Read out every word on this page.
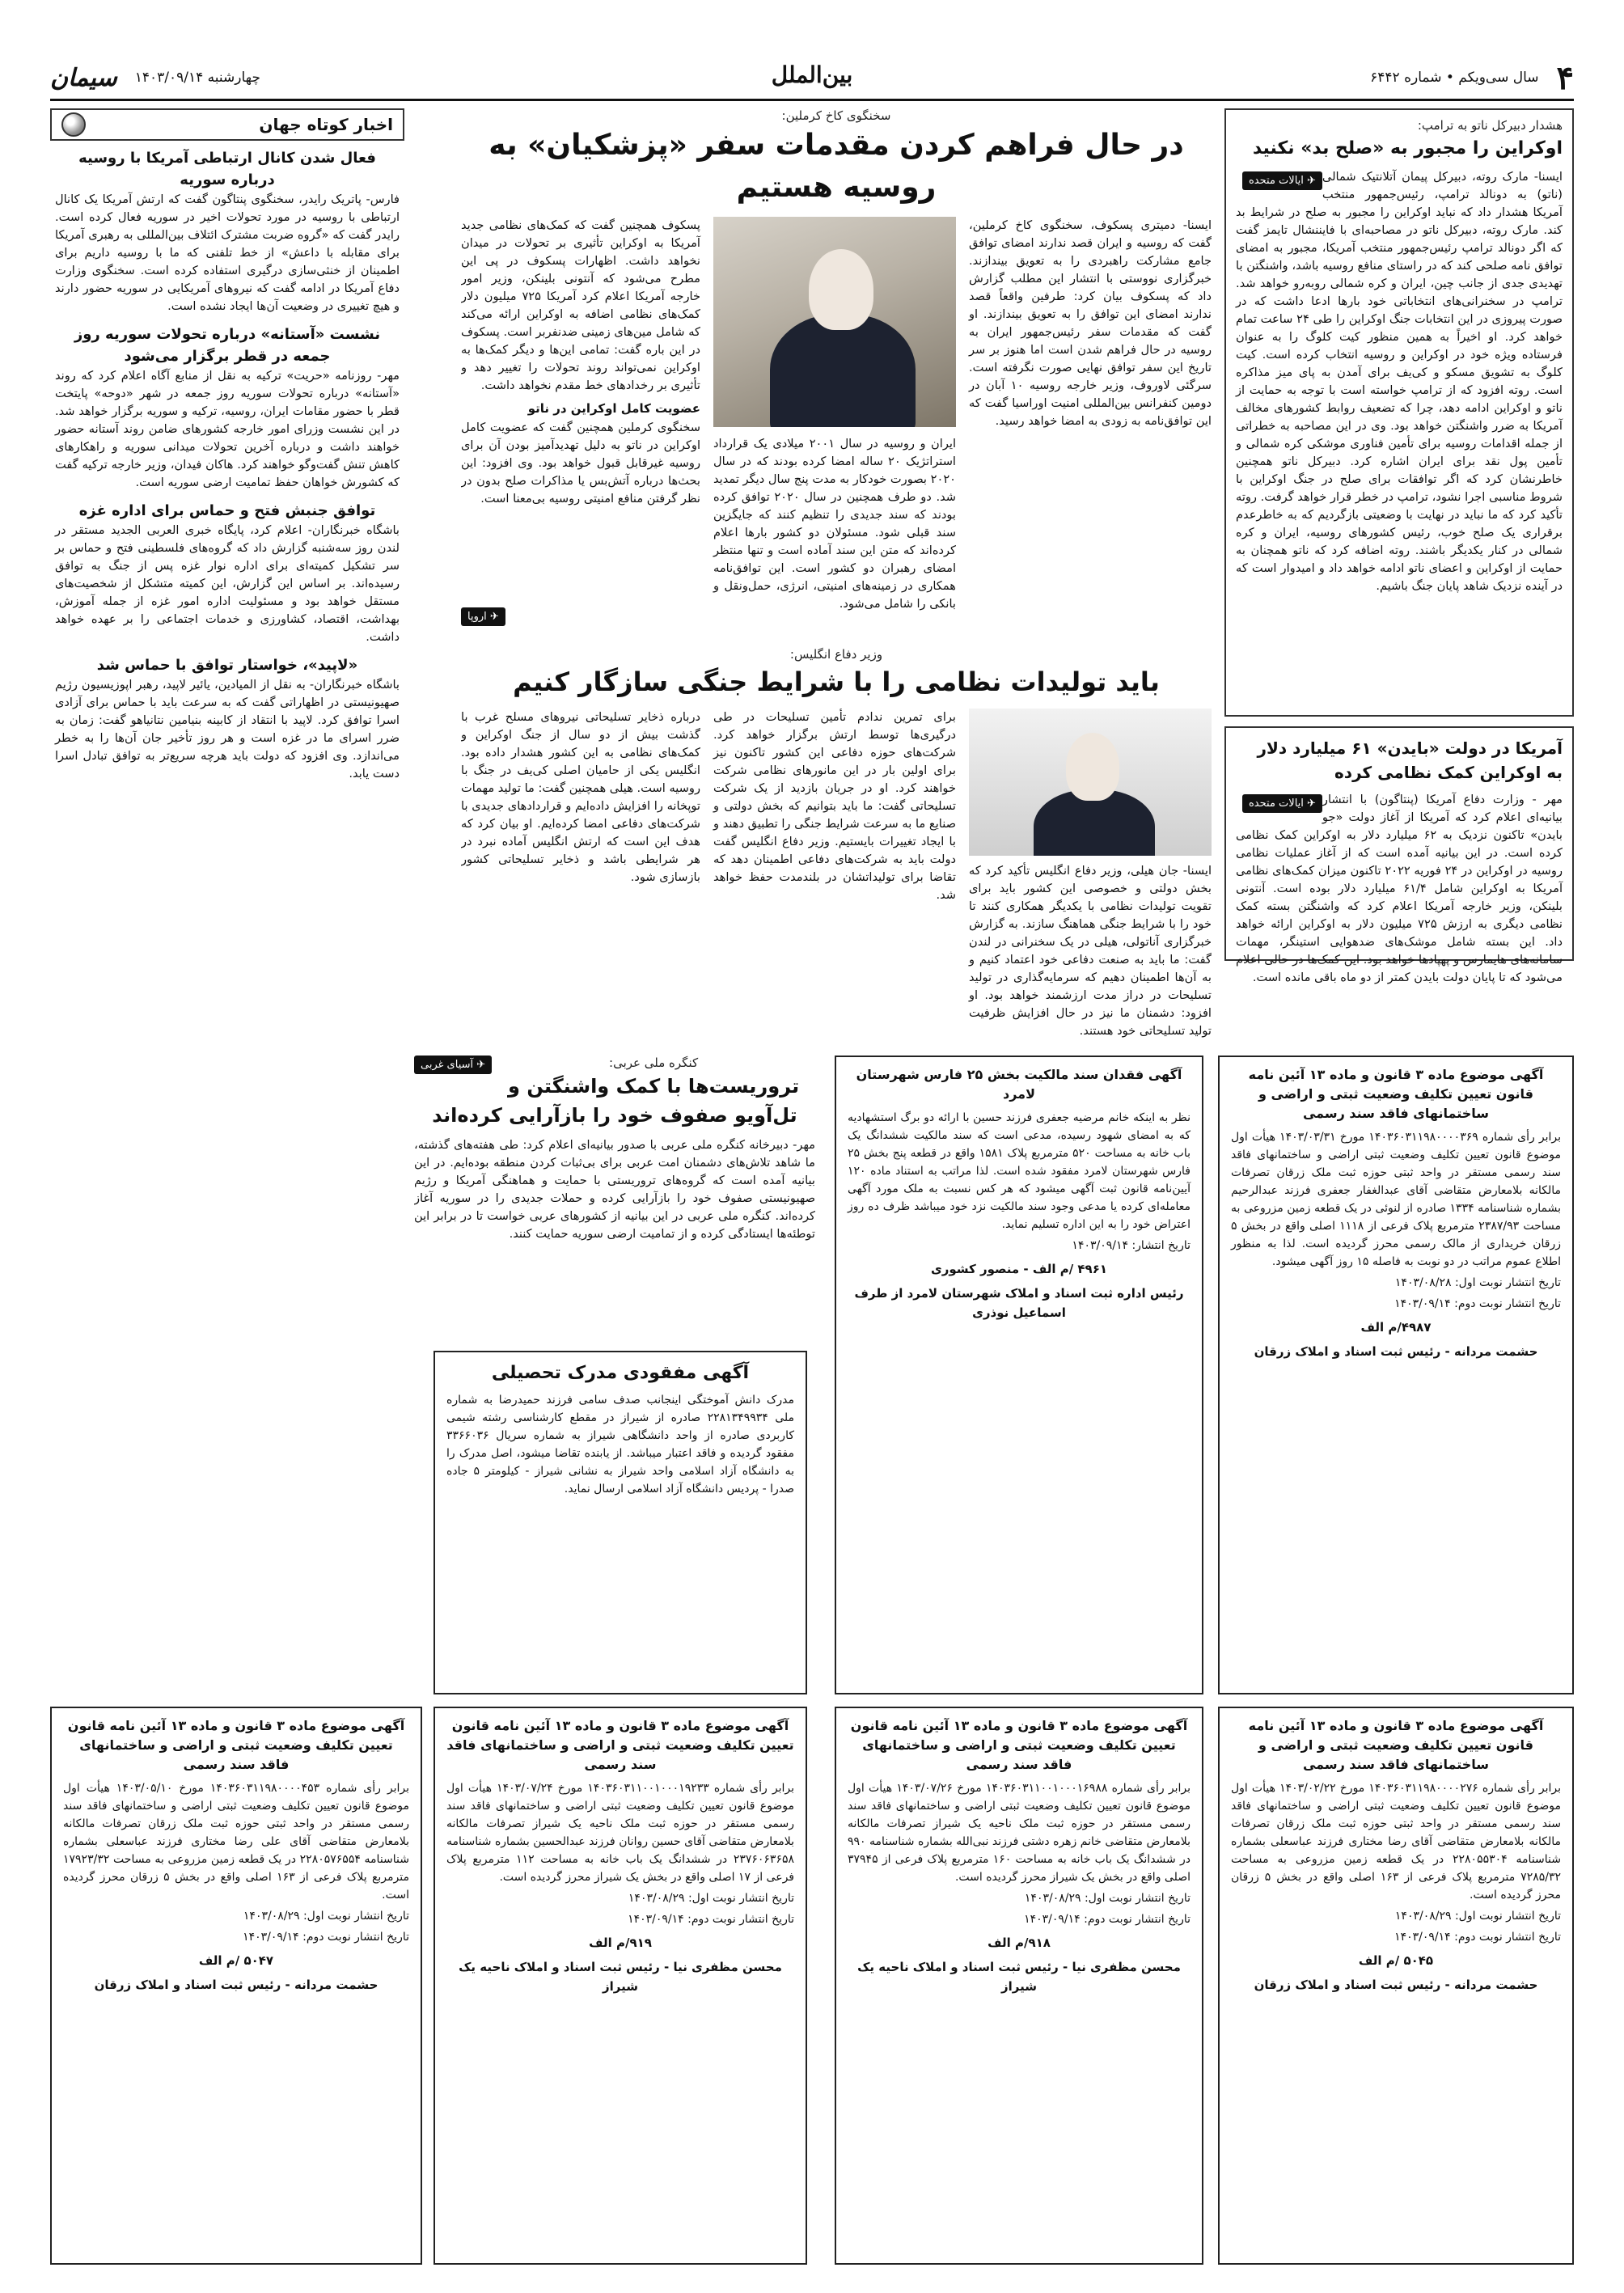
۴
سال سی‌ویکم • شماره ۶۴۴۲
بین‌الملل
چهارشنبه ۱۴۰۳/۰۹/۱۴
سیمان
هشدار دبیرکل ناتو به ترامپ:
اوکراین را مجبور به «صلح بد» نکنید
✈ ایالات متحده	ایسنا- مارک روته، دبیرکل پیمان آتلانتیک شمالی (ناتو) به دونالد ترامپ، رئیس‌جمهور منتخب آمریکا هشدار داد که نباید اوکراین را مجبور به صلح در شرایط بد کند. مارک روته، دبیرکل ناتو در مصاحبه‌ای با فایننشال تایمز گفت که اگر دونالد ترامپ رئیس‌جمهور منتخب آمریکا، مجبور به امضای توافق نامه صلحی کند که در راستای منافع روسیه باشد، واشنگتن با تهدیدی جدی از جانب چین، ایران و کره شمالی روبه‌رو خواهد شد. ترامپ در سخنرانی‌های انتخاباتی خود بارها ادعا داشت که در صورت پیروزی در این انتخابات جنگ اوکراین را طی ۲۴ ساعت تمام خواهد کرد. او اخیراً به همین منظور کیت کلوگ را به عنوان فرستاده ویژه خود در اوکراین و روسیه انتخاب کرده است. کیت کلوگ به تشویق مسکو و کی‌یف برای آمدن به پای میز مذاکره است. روته افزود که از ترامپ خواسته است با توجه به حمایت از ناتو و اوکراین ادامه دهد، چرا که تضعیف روابط کشورهای مخالف آمریکا به ضرر واشنگتن خواهد بود. وی در این مصاحبه به خطراتی از جمله اقدامات روسیه برای تأمین فناوری موشکی کره شمالی و تأمین پول نقد برای ایران اشاره کرد. دبیرکل ناتو همچنین خاطرنشان کرد که اگر توافقات برای صلح در جنگ اوکراین با شروط مناسبی اجرا نشود، ترامپ در خطر قرار خواهد گرفت. روته تأکید کرد که ما نباید در نهایت با وضعیتی بازگردیم که به خاطرعدم برقراری یک صلح خوب، رئیس کشورهای روسیه، ایران و کره شمالی در کنار یکدیگر باشند. روته اضافه کرد که ناتو همچنان به حمایت از اوکراین و اعضای ناتو ادامه خواهد داد و امیدوار است که در آینده نزدیک شاهد پایان جنگ باشیم.

آمریکا در دولت «بایدن» ۶۱ میلیارد دلار به اوکراین کمک نظامی کرده
✈ ایالات متحده	مهر - وزارت دفاع آمریکا (پنتاگون) با انتشار بیانیه‌ای اعلام کرد که آمریکا از آغاز دولت «جو بایدن» تاکنون نزدیک به ۶۲ میلیارد دلار به اوکراین کمک نظامی کرده است. در این بیانیه آمده است که از آغاز عملیات نظامی روسیه در اوکراین در ۲۴ فوریه ۲۰۲۲ تاکنون میزان کمک‌های نظامی آمریکا به اوکراین شامل ۶۱/۴ میلیارد دلار بوده است. آنتونی بلینکن، وزیر خارجه آمریکا اعلام کرد که واشنگتن بسته کمک نظامی دیگری به ارزش ۷۲۵ میلیون دلار به اوکراین ارائه خواهد داد. این بسته شامل موشک‌های ضدهوایی استینگر، مهمات سامانه‌های هایمارس و پهپادها خواهد بود. این کمک‌ها در حالی اعلام می‌شود که تا پایان دولت بایدن کمتر از دو ماه باقی مانده است.

سخنگوی کاخ کرملین:
در حال فراهم کردن مقدمات سفر «پزشکیان» به روسیه هستیم

ایسنا- دمیتری پسکوف، سخنگوی کاخ کرملین، گفت که روسیه و ایران قصد ندارند امضای توافق جامع مشارکت راهبردی را به تعویق بیندازند. خبرگزاری نووستی با انتشار این مطلب گزارش داد که پسکوف بیان کرد: طرفین واقعاً قصد ندارند امضای این توافق را به تعویق بیندازند. او گفت که مقدمات سفر رئیس‌جمهور ایران به روسیه در حال فراهم شدن است اما هنوز بر سر تاریخ این سفر توافق نهایی صورت نگرفته است. سرگئی لاوروف، وزیر خارجه روسیه ۱۰ آبان در دومین کنفرانس بین‌المللی امنیت اوراسیا گفت که این توافق‌نامه به زودی به امضا خواهد رسید.

ایران و روسیه در سال ۲۰۰۱ میلادی یک قرارداد استراتژیک ۲۰ ساله امضا کرده بودند که در سال ۲۰۲۰ بصورت خودکار به مدت پنج سال دیگر تمدید شد. دو طرف همچنین در سال ۲۰۲۰ توافق کرده بودند که سند جدیدی را تنظیم کنند که جایگزین سند قبلی شود. مسئولان دو کشور بارها اعلام کرده‌اند که متن این سند آماده است و تنها منتظر امضای رهبران دو کشور است. این توافق‌نامه همکاری در زمینه‌های امنیتی، انرژی، حمل‌ونقل و بانکی را شامل می‌شود.

پسکوف همچنین گفت که کمک‌های نظامی جدید آمریکا به اوکراین تأثیری بر تحولات در میدان نخواهد داشت. اظهارات پسکوف در پی این مطرح می‌شود که آنتونی بلینکن، وزیر امور خارجه آمریکا اعلام کرد آمریکا ۷۲۵ میلیون دلار کمک‌های نظامی اضافه به اوکراین ارائه می‌کند که شامل مین‌های زمینی ضدنفربر است. پسکوف در این باره گفت: تمامی این‌ها و دیگر کمک‌ها به اوکراین نمی‌تواند روند تحولات را تغییر دهد و تأثیری بر رخدادهای خط مقدم نخواهد داشت.

عضویت کامل اوکراین در ناتو

سخنگوی کرملین همچنین گفت که عضویت کامل اوکراین در ناتو به دلیل تهدیدآمیز بودن آن برای روسیه غیرقابل قبول خواهد بود. وی افزود: این بحث‌ها درباره آتش‌بس یا مذاکرات صلح بدون در نظر گرفتن منافع امنیتی روسیه بی‌معنا است.

✈ اروپا
وزیر دفاع انگلیس:
باید تولیدات نظامی را با شرایط جنگی سازگار کنیم

ایسنا- جان هیلی، وزیر دفاع انگلیس تأکید کرد که بخش دولتی و خصوصی این کشور باید برای تقویت تولیدات نظامی با یکدیگر همکاری کنند تا خود را با شرایط جنگی هماهنگ سازند. به گزارش خبرگزاری آناتولی، هیلی در یک سخنرانی در لندن گفت: ما باید به صنعت دفاعی خود اعتماد کنیم و به آن‌ها اطمینان دهیم که سرمایه‌گذاری در تولید تسلیحات در دراز مدت ارزشمند خواهد بود. او افزود: دشمنان ما نیز در حال افزایش ظرفیت تولید تسلیحاتی خود هستند.

برای تمرین ندادم تأمین تسلیحات در طی درگیری‌ها توسط ارتش برگزار خواهد کرد. شرکت‌های حوزه دفاعی این کشور تاکنون نیز برای اولین بار در این مانورهای نظامی شرکت خواهند کرد. او در جریان بازدید از یک شرکت تسلیحاتی گفت: ما باید بتوانیم که بخش دولتی و صنایع ما به سرعت شرایط جنگی را تطبیق دهند و با ایجاد تغییرات بایستیم. وزیر دفاع انگلیس گفت دولت باید به شرکت‌های دفاعی اطمینان دهد که تقاضا برای تولیداتشان در بلندمدت حفظ خواهد شد.

درباره ذخایر تسلیحاتی نیروهای مسلح غرب با گذشت بیش از دو سال از جنگ اوکراین و کمک‌های نظامی به این کشور هشدار داده بود. انگلیس یکی از حامیان اصلی کی‌یف در جنگ با روسیه است. هیلی همچنین گفت: ما تولید مهمات توپخانه را افزایش داده‌ایم و قراردادهای جدیدی با شرکت‌های دفاعی امضا کرده‌ایم. او بیان کرد که هدف این است که ارتش انگلیس آماده نبرد در هر شرایطی باشد و ذخایر تسلیحاتی کشور بازسازی شود.

اخبار کوتاه جهان
فعال شدن کانال ارتباطی آمریکا با روسیه درباره سوریه

فارس- پاتریک رایدر، سخنگوی پنتاگون گفت که ارتش آمریکا یک کانال ارتباطی با روسیه در مورد تحولات اخیر در سوریه فعال کرده است. رایدر گفت که «گروه ضربت مشترک ائتلاف بین‌المللی به رهبری آمریکا برای مقابله با داعش» از خط تلفنی که ما با روسیه داریم برای اطمینان از خنثی‌سازی درگیری استفاده کرده است. سخنگوی وزارت دفاع آمریکا در ادامه گفت که نیروهای آمریکایی در سوریه حضور دارند و هیچ تغییری در وضعیت آن‌ها ایجاد نشده است.

نشست «آستانه» درباره تحولات سوریه روز جمعه در قطر برگزار می‌شود

مهر- روزنامه «حریت» ترکیه به نقل از منابع آگاه اعلام کرد که روند «آستانه» درباره تحولات سوریه روز جمعه در شهر «دوحه» پایتخت قطر با حضور مقامات ایران، روسیه، ترکیه و سوریه برگزار خواهد شد. در این نشست وزرای امور خارجه کشورهای ضامن روند آستانه حضور خواهند داشت و درباره آخرین تحولات میدانی سوریه و راهکارهای کاهش تنش گفت‌وگو خواهند کرد. هاکان فیدان، وزیر خارجه ترکیه گفت که کشورش خواهان حفظ تمامیت ارضی سوریه است.

توافق جنبش فتح و حماس برای اداره غزه

باشگاه خبرنگاران- اعلام کرد، پایگاه خبری العربی الجدید مستقر در لندن روز سه‌شنبه گزارش داد که گروه‌های فلسطینی فتح و حماس بر سر تشکیل کمیته‌ای برای اداره نوار غزه پس از جنگ به توافق رسیده‌اند. بر اساس این گزارش، این کمیته متشکل از شخصیت‌های مستقل خواهد بود و مسئولیت اداره امور غزه از جمله آموزش، بهداشت، اقتصاد، کشاورزی و خدمات اجتماعی را بر عهده خواهد داشت.

«لاپید»، خواستار توافق با حماس شد

باشگاه خبرنگاران- به نقل از المیادین، یائیر لاپید، رهبر اپوزیسیون رژیم صهیونیستی در اظهاراتی گفت که به سرعت باید با حماس برای آزادی اسرا توافق کرد. لاپید با انتقاد از کابینه بنیامین نتانیاهو گفت: زمان به ضرر اسرای ما در غزه است و هر روز تأخیر جان آن‌ها را به خطر می‌اندازد. وی افزود که دولت باید هرچه سریع‌تر به توافق تبادل اسرا دست یابد.

✈ آسیای غربی	کنگره ملی عربی:
تروریست‌ها با کمک واشنگتن و تل‌آویو صفوف خود را بازآرایی کرده‌اند

مهر- دبیرخانه کنگره ملی عربی با صدور بیانیه‌ای اعلام کرد: طی هفته‌های گذشته، ما شاهد تلاش‌های دشمنان امت عربی برای بی‌ثبات کردن منطقه بوده‌ایم. در این بیانیه آمده است که گروه‌های تروریستی با حمایت و هماهنگی آمریکا و رژیم صهیونیستی صفوف خود را بازآرایی کرده و حملات جدیدی را در سوریه آغاز کرده‌اند. کنگره ملی عربی در این بیانیه از کشورهای عربی خواست تا در برابر این توطئه‌ها ایستادگی کرده و از تمامیت ارضی سوریه حمایت کنند.

آگهی موضوع ماده ۳ قانون و ماده ۱۳ آئین نامه قانون تعیین تکلیف وضعیت ثبتی و اراضی و ساختمانهای فاقد سند رسمی

برابر رأی شماره ۱۴۰۳۶۰۳۱۱۹۸۰۰۰۰۳۶۹ مورخ ۱۴۰۳/۰۳/۳۱ هیأت اول موضوع قانون تعیین تکلیف وضعیت ثبتی اراضی و ساختمانهای فاقد سند رسمی مستقر در واحد ثبتی حوزه ثبت ملک زرقان تصرفات مالکانه بلامعارض متقاضی آقای عبدالغفار جعفری فرزند عبدالرحیم بشماره شناسنامه ۱۳۳۴ صادره از لنوئی در یک قطعه زمین مزروعی به مساحت ۲۳۸۷/۹۳ مترمربع پلاک فرعی از ۱۱۱۸ اصلی واقع در بخش ۵ زرقان خریداری از مالک رسمی محرز گردیده است. لذا به منظور اطلاع عموم مراتب در دو نوبت به فاصله ۱۵ روز آگهی میشود.

تاریخ انتشار نوبت اول: ۱۴۰۳/۰۸/۲۸
تاریخ انتشار نوبت دوم: ۱۴۰۳/۰۹/۱۴
۴۹۸۷/م الف
حشمت مردانه - رئیس ثبت اسناد و املاک زرقان
آگهی فقدان سند مالکیت بخش ۲۵ فارس شهرستان لامرد

نظر به اینکه خانم مرضیه جعفری فرزند حسین با ارائه دو برگ استشهادیه که به امضای شهود رسیده، مدعی است که سند مالکیت ششدانگ یک باب خانه به مساحت ۵۲۰ مترمربع پلاک ۱۵۸۱ واقع در قطعه پنج بخش ۲۵ فارس شهرستان لامرد مفقود شده است. لذا مراتب به استناد ماده ۱۲۰ آیین‌نامه قانون ثبت آگهی میشود که هر کس نسبت به ملک مورد آگهی معامله‌ای کرده یا مدعی وجود سند مالکیت نزد خود میباشد ظرف ده روز اعتراض خود را به این اداره تسلیم نماید.

تاریخ انتشار: ۱۴۰۳/۰۹/۱۴
۴۹۶۱ /م الف - منصور کشوری
رئیس اداره ثبت اسناد و املاک شهرستان لامرد از طرف اسماعیل نوذری
آگهی مفقودی مدرک تحصیلی

مدرک دانش آموختگی اینجانب صدف سامی فرزند حمیدرضا به شماره ملی ۲۲۸۱۳۴۹۹۳۴ صادره از شیراز در مقطع کارشناسی رشته شیمی کاربردی صادره از واحد دانشگاهی شیراز به شماره سریال ۳۳۶۶۰۳۶ مفقود گردیده و فاقد اعتبار میباشد. از یابنده تقاضا میشود، اصل مدرک را به دانشگاه آزاد اسلامی واحد شیراز به نشانی شیراز - کیلومتر ۵ جاده صدرا - پردیس دانشگاه آزاد اسلامی ارسال نماید.

آگهی موضوع ماده ۳ قانون و ماده ۱۳ آئین نامه قانون تعیین تکلیف وضعیت ثبتی و اراضی و ساختمانهای فاقد سند رسمی

برابر رأی شماره ۱۴۰۳۶۰۳۱۱۹۸۰۰۰۰۲۷۶ مورخ ۱۴۰۳/۰۲/۲۲ هیأت اول موضوع قانون تعیین تکلیف وضعیت ثبتی اراضی و ساختمانهای فاقد سند رسمی مستقر در واحد ثبتی حوزه ثبت ملک زرقان تصرفات مالکانه بلامعارض متقاضی آقای رضا مختاری فرزند عباسعلی بشماره شناسنامه ۲۲۸۰۵۵۳۰۴ در یک قطعه زمین مزروعی به مساحت ۷۲۸۵/۳۲ مترمربع پلاک فرعی از ۱۶۳ اصلی واقع در بخش ۵ زرقان محرز گردیده است.

تاریخ انتشار نوبت اول: ۱۴۰۳/۰۸/۲۹
تاریخ انتشار نوبت دوم: ۱۴۰۳/۰۹/۱۴
۵۰۴۵ /م الف
حشمت مردانه - رئیس ثبت اسناد و املاک زرقان
آگهی موضوع ماده ۳ قانون و ماده ۱۳ آئین نامه قانون تعیین تکلیف وضعیت ثبتی و اراضی و ساختمانهای فاقد سند رسمی

برابر رأی شماره ۱۴۰۳۶۰۳۱۱۰۰۱۰۰۰۱۶۹۸۸ مورخ ۱۴۰۳/۰۷/۲۶ هیأت اول موضوع قانون تعیین تکلیف وضعیت ثبتی اراضی و ساختمانهای فاقد سند رسمی مستقر در حوزه ثبت ملک ناحیه یک شیراز تصرفات مالکانه بلامعارض متقاضی خانم زهره دشتی فرزند نبی‌الله بشماره شناسنامه ۹۹۰ در ششدانگ یک باب خانه به مساحت ۱۶۰ مترمربع پلاک فرعی از ۳۷۹۴۵ اصلی واقع در بخش یک شیراز محرز گردیده است.

تاریخ انتشار نوبت اول: ۱۴۰۳/۰۸/۲۹
تاریخ انتشار نوبت دوم: ۱۴۰۳/۰۹/۱۴
۹۱۸/م الف
محسن مظفری نیا - رئیس ثبت اسناد و املاک ناحیه یک شیراز
آگهی موضوع ماده ۳ قانون و ماده ۱۳ آئین نامه قانون تعیین تکلیف وضعیت ثبتی و اراضی و ساختمانهای فاقد سند رسمی

برابر رأی شماره ۱۴۰۳۶۰۳۱۱۰۰۱۰۰۰۱۹۲۳۳ مورخ ۱۴۰۳/۰۷/۲۴ هیأت اول موضوع قانون تعیین تکلیف وضعیت ثبتی اراضی و ساختمانهای فاقد سند رسمی مستقر در حوزه ثبت ملک ناحیه یک شیراز تصرفات مالکانه بلامعارض متقاضی آقای حسین روانان فرزند عبدالحسین بشماره شناسنامه ۲۳۷۶۰۶۳۶۵۸ در ششدانگ یک باب خانه به مساحت ۱۱۲ مترمربع پلاک فرعی از ۱۷ اصلی واقع در بخش یک شیراز محرز گردیده است.

تاریخ انتشار نوبت اول: ۱۴۰۳/۰۸/۲۹
تاریخ انتشار نوبت دوم: ۱۴۰۳/۰۹/۱۴
۹۱۹/م الف
محسن مظفری نیا - رئیس ثبت اسناد و املاک ناحیه یک شیراز
آگهی موضوع ماده ۳ قانون و ماده ۱۳ آئین نامه قانون تعیین تکلیف وضعیت ثبتی و اراضی و ساختمانهای فاقد سند رسمی

برابر رأی شماره ۱۴۰۳۶۰۳۱۱۹۸۰۰۰۰۴۵۳ مورخ ۱۴۰۳/۰۵/۱۰ هیأت اول موضوع قانون تعیین تکلیف وضعیت ثبتی اراضی و ساختمانهای فاقد سند رسمی مستقر در واحد ثبتی حوزه ثبت ملک زرقان تصرفات مالکانه بلامعارض متقاضی آقای علی رضا مختاری فرزند عباسعلی بشماره شناسنامه ۲۲۸۰۵۷۶۵۵۴ در یک قطعه زمین مزروعی به مساحت ۱۷۹۲۳/۳۲ مترمربع پلاک فرعی از ۱۶۳ اصلی واقع در بخش ۵ زرقان محرز گردیده است.

تاریخ انتشار نوبت اول: ۱۴۰۳/۰۸/۲۹
تاریخ انتشار نوبت دوم: ۱۴۰۳/۰۹/۱۴
۵۰۴۷ /م الف
حشمت مردانه - رئیس ثبت اسناد و املاک زرقان
